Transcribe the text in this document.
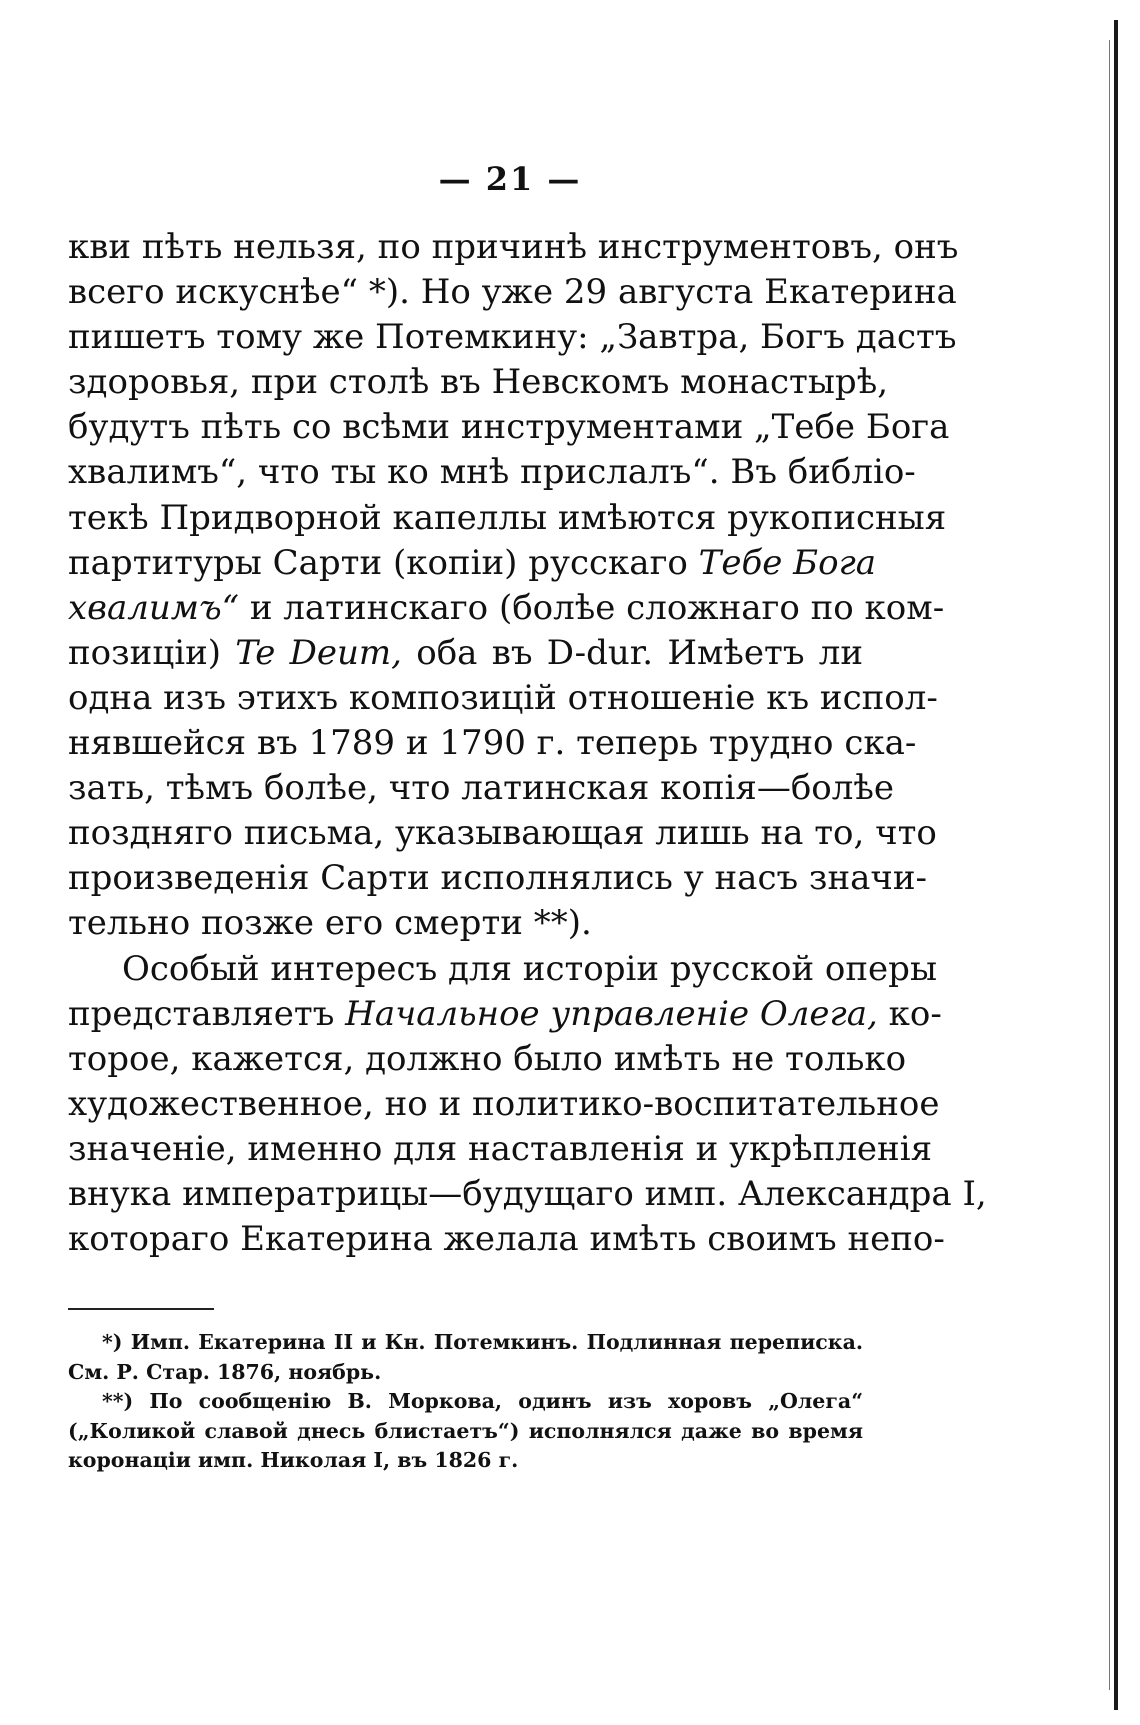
— 21 —
кви пѣть нельзя, по причинѣ инструментовъ, онъ
всего искуснѣе“ *). Но уже 29 августа Екатерина
пишетъ тому же Потемкину: „Завтра, Богъ дастъ
здоровья, при столѣ въ Невскомъ монастырѣ,
будутъ пѣть со всѣми инструментами „Тебе Бога
хвалимъ“, что ты ко мнѣ прислалъ“. Въ библіо-
текѣ Придворной капеллы имѣются рукописныя
партитуры Сарти (копіи) русскаго Tебе Бога
хвалимъ“ и латинскаго (болѣе сложнаго по ком-
позиціи) Te Deum, оба въ D-dur. Имѣетъ ли
одна изъ этихъ композицій отношеніе къ испол-
нявшейся въ 1789 и 1790 г. теперь трудно ска-
зать, тѣмъ болѣе, что латинская копія—болѣе
поздняго письма, указывающая лишь на то, что
произведенія Сарти исполнялись у насъ значи-
тельно позже его смерти **).
Особый интересъ для исторіи русской оперы
представляетъ Начальное управленіе Олега, ко-
торое, кажется, должно было имѣть не только
художественное, но и политико-воспитательное
значеніе, именно для наставленія и укрѣпленія
внука императрицы—будущаго имп. Александра I,
котораго Екатерина желала имѣть своимъ непо-
*) Имп. Екатерина II и Кн. Потемкинъ. Подлинная переписка.
См. Р. Стар. 1876, ноябрь.
**) По сообщенію В. Моркова, одинъ изъ хоровъ „Олега“
(„Коликой славой днесь блистаетъ“) исполнялся даже во время
коронаціи имп. Николая I, въ 1826 г.
